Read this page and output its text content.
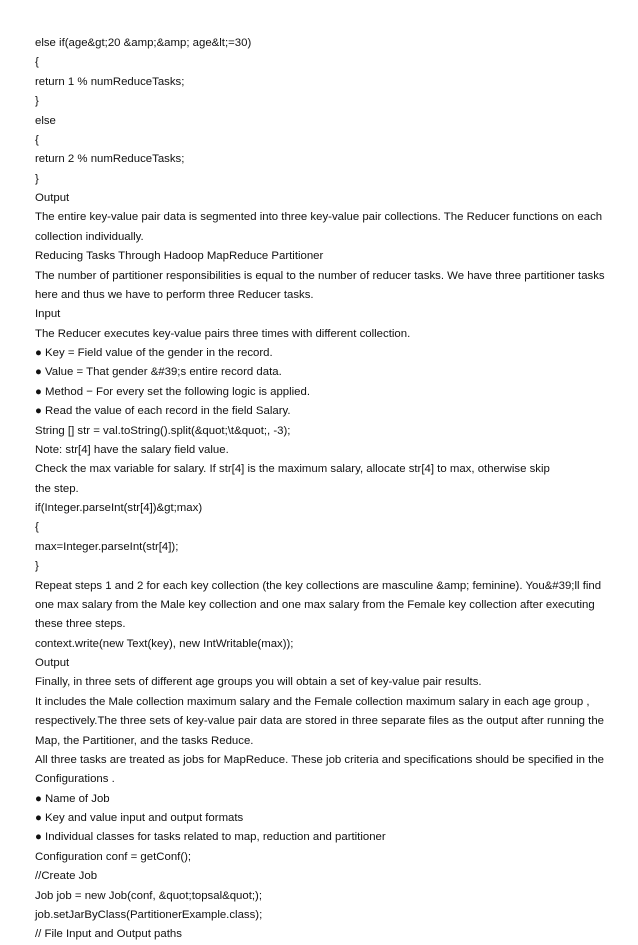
else if(age&gt;20 &amp;&amp; age&lt;=30)
{
return 1 % numReduceTasks;
}
else
{
return 2 % numReduceTasks;
}
Output
The entire key-value pair data is segmented into three key-value pair collections. The Reducer functions on each
collection individually.
Reducing Tasks Through Hadoop MapReduce Partitioner
The number of partitioner responsibilities is equal to the number of reducer tasks. We have three partitioner tasks
here and thus we have to perform three Reducer tasks.
Input
The Reducer executes key-value pairs three times with different collection.
● Key = Field value of the gender in the record.
● Value = That gender &#39;s entire record data.
● Method − For every set the following logic is applied.
● Read the value of each record in the field Salary.
String [] str = val.toString().split(&quot;\t&quot;, -3);
Note: str[4] have the salary field value.
Check the max variable for salary. If str[4] is the maximum salary, allocate str[4] to max, otherwise skip
the step.
if(Integer.parseInt(str[4])&gt;max)
{
max=Integer.parseInt(str[4]);
}
Repeat steps 1 and 2 for each key collection (the key collections are masculine &amp; feminine). You&#39;ll find
one max salary from the Male key collection and one max salary from the Female key collection after executing
these three steps.
context.write(new Text(key), new IntWritable(max));
Output
Finally, in three sets of different age groups you will obtain a set of key-value pair results.
It includes the Male collection maximum salary and the Female collection maximum salary in each age group ,
respectively.The three sets of key-value pair data are stored in three separate files as the output after running the
Map, the Partitioner, and the tasks Reduce.
All three tasks are treated as jobs for MapReduce. These job criteria and specifications should be specified in the
Configurations .
● Name of Job
● Key and value input and output formats
● Individual classes for tasks related to map, reduction and partitioner
Configuration conf = getConf();
//Create Job
Job job = new Job(conf, &quot;topsal&quot;);
job.setJarByClass(PartitionerExample.class);
// File Input and Output paths
